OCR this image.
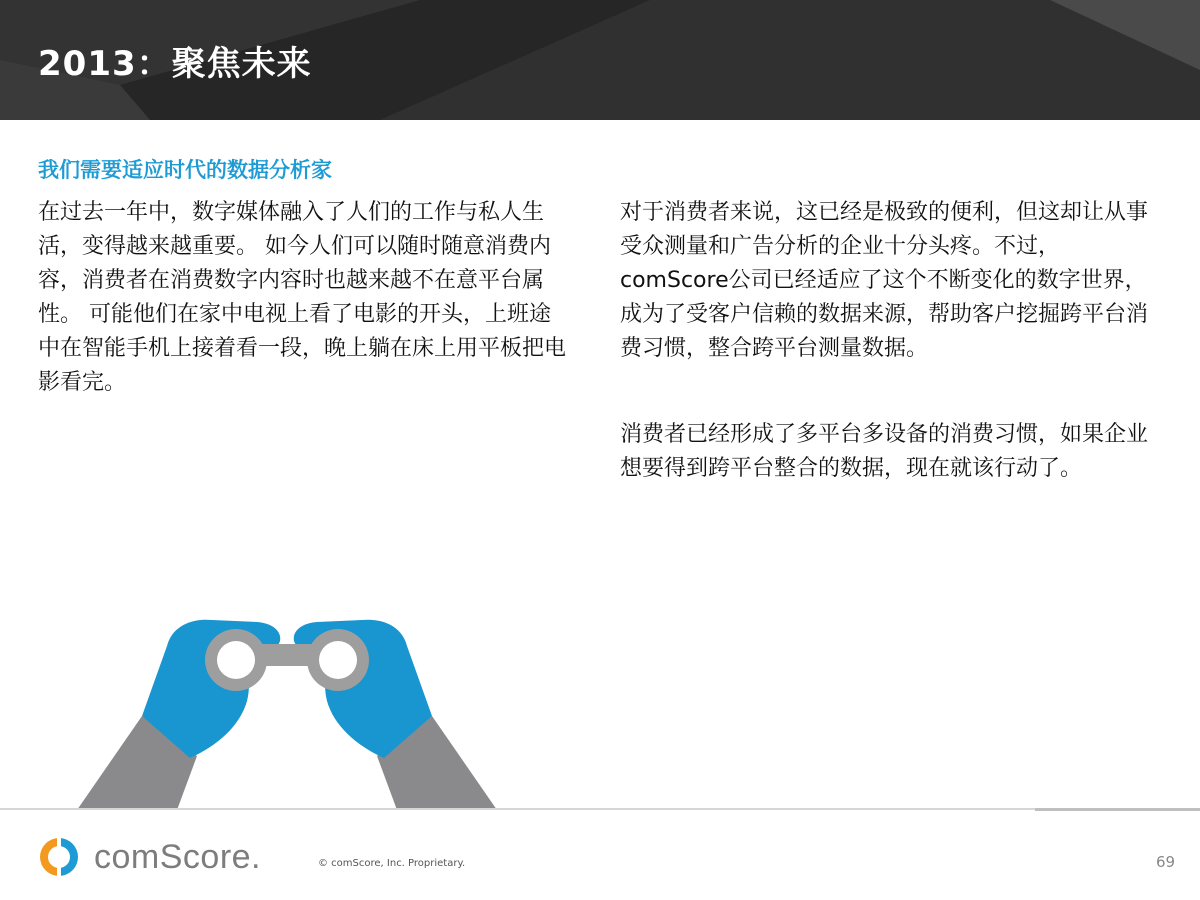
2013：聚焦未来
我们需要适应时代的数据分析家
在过去一年中，数字媒体融入了人们的工作与私人生活，变得越来越重要。 如今人们可以随时随意消费内容，消费者在消费数字内容时也越来越不在意平台属性。 可能他们在家中电视上看了电影的开头，上班途中在智能手机上接着看一段，晚上躺在床上用平板把电影看完。
对于消费者来说，这已经是极致的便利，但这却让从事受众测量和广告分析的企业十分头疼。不过，comScore公司已经适应了这个不断变化的数字世界，成为了受客户信赖的数据来源，帮助客户挖掘跨平台消费习惯，整合跨平台测量数据。
消费者已经形成了多平台多设备的消费习惯，如果企业想要得到跨平台整合的数据，现在就该行动了。
comScore.	© comScore, Inc. Proprietary.	69
